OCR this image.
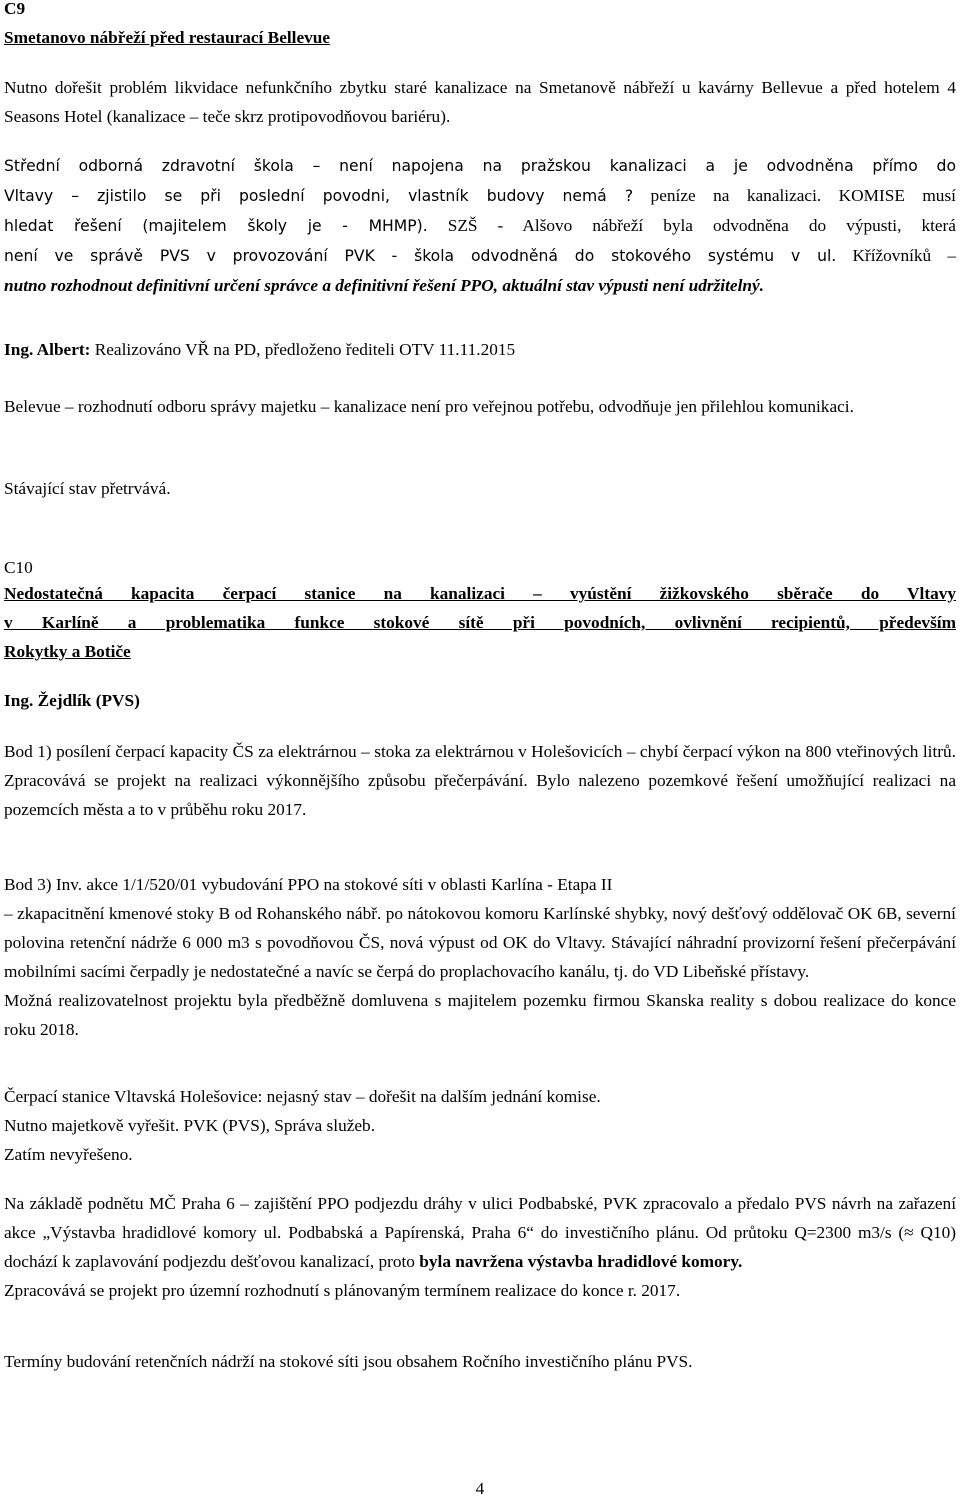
C9
Smetanovo nábřeží před restaurací Bellevue
Nutno dořešit problém likvidace nefunkčního zbytku staré kanalizace na Smetanově nábřeží u kavárny Bellevue a před hotelem 4 Seasons Hotel (kanalizace – teče skrz protipovodňovou bariéru).
Střední odborná zdravotní škola – není napojena na pražskou kanalizaci a je odvodněna přímo do
Vltavy – zjistilo se při poslední povodni, vlastník budovy nemá ? peníze na kanalizaci. KOMISE musí
hledat řešení (majitelem školy je - MHMP). SZŠ - Alšovo nábřeží byla odvodněna do výpusti, která
není ve správě PVS v provozování PVK - škola odvodněná do stokového systému v ul. Křížovníků –
nutno rozhodnout definitivní určení správce a definitivní řešení PPO, aktuální stav výpusti není udržitelný.
Ing. Albert: Realizováno VŘ na PD, předloženo řediteli OTV 11.11.2015
Belevue – rozhodnutí odboru správy majetku – kanalizace není pro veřejnou potřebu, odvodňuje jen přilehlou komunikaci.
Stávající stav přetrvává.
C10
Nedostatečná kapacita čerpací stanice na kanalizaci – vyústění žižkovského sběrače do Vltavy
v Karlíně a problematika funkce stokové sítě při povodních, ovlivnění recipientů, především
Rokytky a Botiče
Ing. Žejdlík (PVS)
Bod 1) posílení čerpací kapacity ČS za elektrárnou – stoka za elektrárnou v Holešovicích – chybí čerpací výkon na 800 vteřinových litrů. Zpracovává se projekt na realizaci výkonnějšího způsobu přečerpávání. Bylo nalezeno pozemkové řešení umožňující realizaci na pozemcích města a to v průběhu roku 2017.
Bod 3) Inv. akce 1/1/520/01 vybudování PPO na stokové síti v oblasti Karlína - Etapa II
– zkapacitnění kmenové stoky B od Rohanského nábř. po nátokovou komoru Karlínské shybky, nový dešťový oddělovač OK 6B, severní polovina retenční nádrže 6 000 m3 s povodňovou ČS, nová výpust od OK do Vltavy. Stávající náhradní provizorní řešení přečerpávání mobilními sacími čerpadly je nedostatečné a navíc se čerpá do proplachovacího kanálu, tj. do VD Libeňské přístavy.
Možná realizovatelnost projektu byla předběžně domluvena s majitelem pozemku firmou Skanska reality s dobou realizace do konce roku 2018.
Čerpací stanice Vltavská Holešovice: nejasný stav – dořešit na dalším jednání komise.
Nutno majetkově vyřešit. PVK (PVS), Správa služeb.
Zatím nevyřešeno.
Na základě podnětu MČ Praha 6 – zajištění PPO podjezdu dráhy v ulici Podbabské, PVK zpracovalo a předalo PVS návrh na zařazení akce „Výstavba hradidlové komory ul. Podbabská a Papírenská, Praha 6“ do investičního plánu. Od průtoku Q=2300 m3/s (≈ Q10) dochází k zaplavování podjezdu dešťovou kanalizací, proto byla navržena výstavba hradidlové komory.
Zpracovává se projekt pro územní rozhodnutí s plánovaným termínem realizace do konce r. 2017.
Termíny budování retenčních nádrží na stokové síti jsou obsahem Ročního investičního plánu PVS.
4
